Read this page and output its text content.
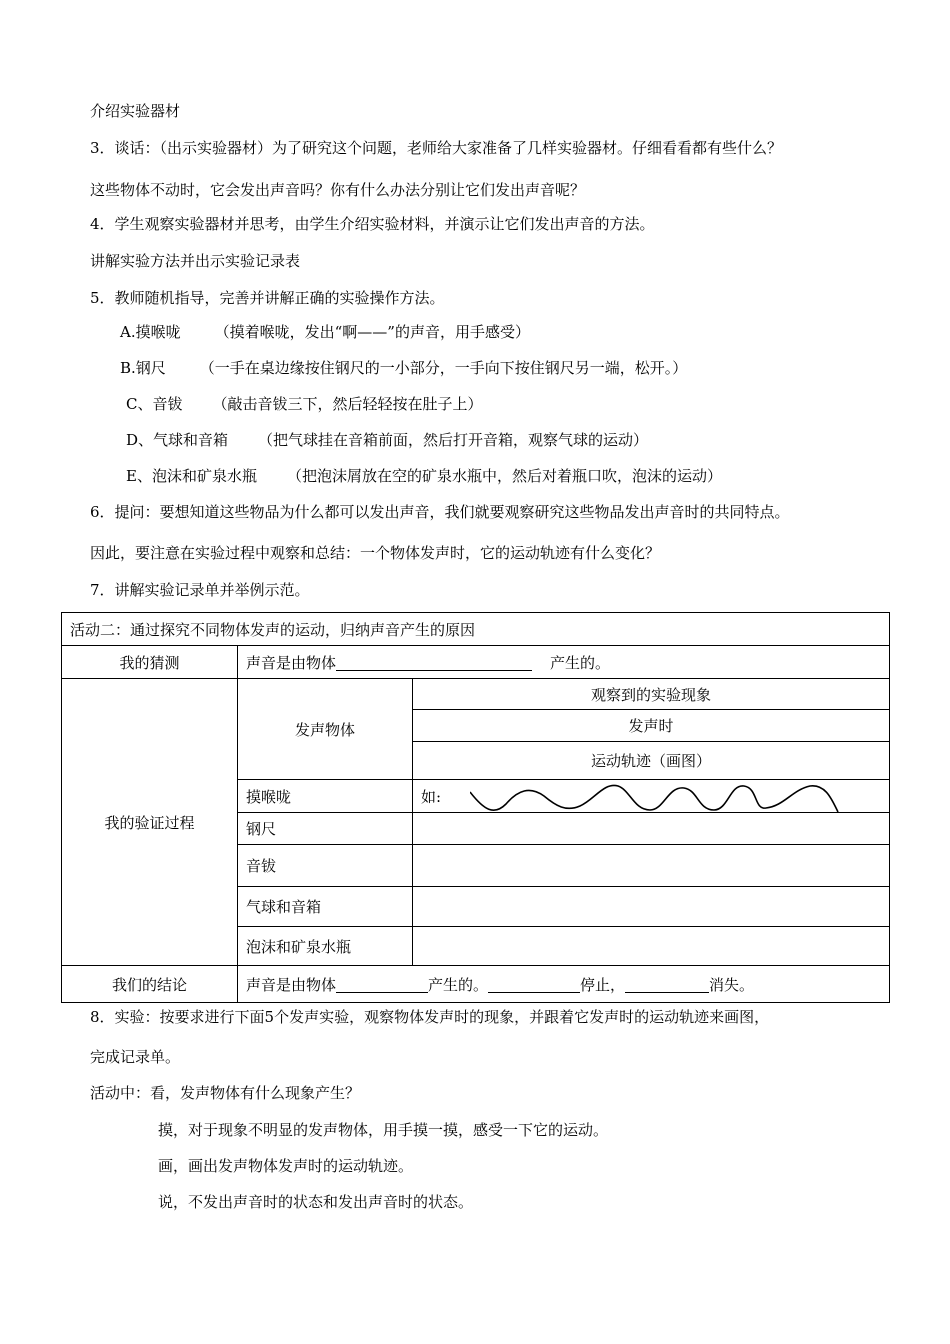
介绍实验器材
3．谈话：（出示实验器材）为了研究这个问题，老师给大家准备了几样实验器材。仔细看看都有些什么？
这些物体不动时，它会发出声音吗？你有什么办法分别让它们发出声音呢？
4．学生观察实验器材并思考，由学生介绍实验材料，并演示让它们发出声音的方法。
讲解实验方法并出示实验记录表
5．教师随机指导，完善并讲解正确的实验操作方法。
A.摸喉咙 （摸着喉咙，发出“啊——”的声音，用手感受）
B.钢尺 （一手在桌边缘按住钢尺的一小部分，一手向下按住钢尺另一端，松开。）
C、音钹 （敲击音钹三下，然后轻轻按在肚子上）
D、气球和音箱 （把气球挂在音箱前面，然后打开音箱，观察气球的运动）
E、泡沫和矿泉水瓶 （把泡沫屑放在空的矿泉水瓶中，然后对着瓶口吹，泡沫的运动）
6．提问：要想知道这些物品为什么都可以发出声音，我们就要观察研究这些物品发出声音时的共同特点。
因此，要注意在实验过程中观察和总结：一个物体发声时，它的运动轨迹有什么变化？
7．讲解实验记录单并举例示范。
活动二：通过探究不同物体发声的运动，归纳声音产生的原因		
我的猜测	声音是由物体 产生的。	
我的验证过程	发声物体	观察到的实验现象
		发声时
		运动轨迹（画图）
	摸喉咙	如:
	钢尺	
	音钹	
	气球和音箱	
	泡沫和矿泉水瓶	
我们的结论	声音是由物体 产生的。 停止， 消失。	
8．实验：按要求进行下面5个发声实验，观察物体发声时的现象，并跟着它发声时的运动轨迹来画图，
完成记录单。
活动中：看，发声物体有什么现象产生？
摸，对于现象不明显的发声物体，用手摸一摸，感受一下它的运动。
画，画出发声物体发声时的运动轨迹。
说，不发出声音时的状态和发出声音时的状态。
